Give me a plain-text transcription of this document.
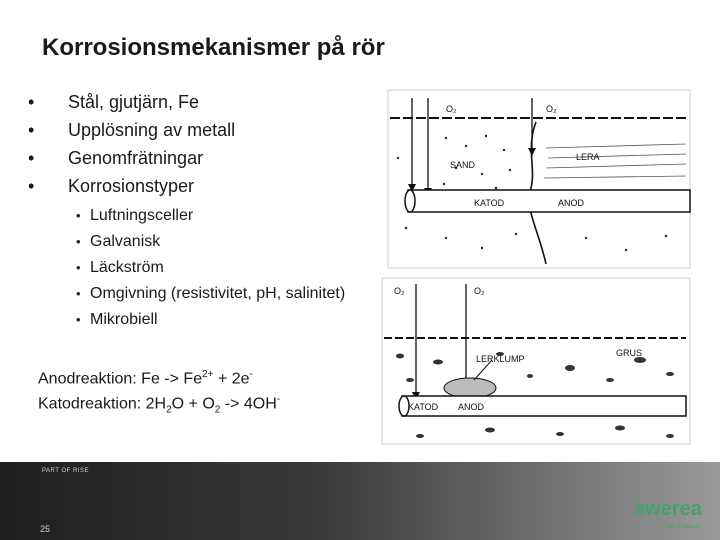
Korrosionsmekanismer på rör
• Stål, gjutjärn, Fe
• Upplösning av metall
• Genomfrätningar
• Korrosionstyper
• Luftningsceller
• Galvanisk
• Läckström
• Omgivning (resistivitet, pH, salinitet)
• Mikrobiell
Anodreaktion: $Fe -> Fe^{2+} + 2e^-$
Katodreaktion: $2H_2O + O_2 -> 4OH^-$
O₂	O₂
SAND
LERA
KATOD	ANOD
O₂	O₂
LERKLUMP
GRUS
KATOD ANOD
PART OF RISE
25
swerea
part of research
